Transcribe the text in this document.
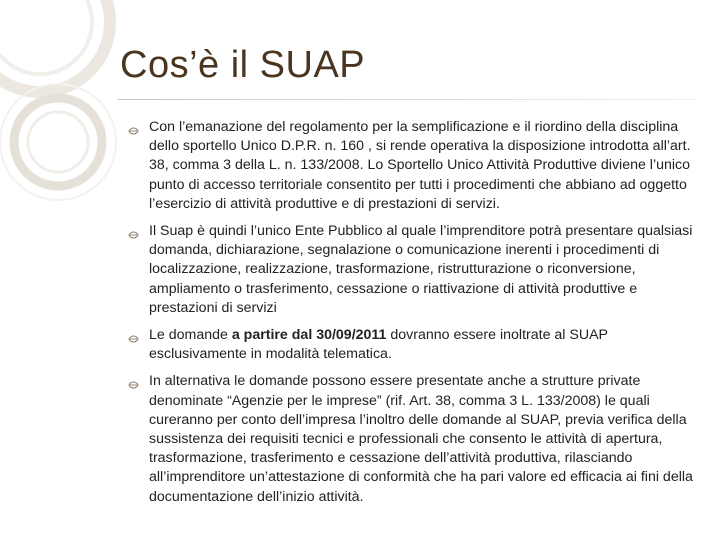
Cos’è il SUAP
Con l’emanazione del regolamento per la semplificazione e il riordino della disciplina dello sportello Unico D.P.R. n. 160 , si rende operativa la disposizione introdotta all’art. 38, comma 3 della L. n. 133/2008. Lo Sportello Unico Attività Produttive diviene l’unico punto di accesso territoriale consentito per tutti i procedimenti che abbiano ad oggetto l’esercizio di attività produttive e di prestazioni di servizi.
Il Suap è quindi l’unico Ente Pubblico al quale l’imprenditore potrà presentare qualsiasi domanda, dichiarazione, segnalazione o comunicazione inerenti i procedimenti di localizzazione, realizzazione, trasformazione, ristrutturazione o riconversione, ampliamento o trasferimento, cessazione o riattivazione di attività produttive e prestazioni di servizi
Le domande a partire dal 30/09/2011 dovranno essere inoltrate al SUAP esclusivamente in modalità telematica.
In alternativa le domande possono essere presentate anche a strutture private denominate “Agenzie per le imprese” (rif. Art. 38, comma 3 L. 133/2008) le quali cureranno per conto dell’impresa l’inoltro delle domande al SUAP, previa verifica della sussistenza dei requisiti tecnici e professionali che consento le attività di apertura, trasformazione, trasferimento e cessazione dell’attività produttiva, rilasciando all’imprenditore un’attestazione di conformità che ha pari valore ed efficacia ai fini della documentazione dell’inizio attività.
